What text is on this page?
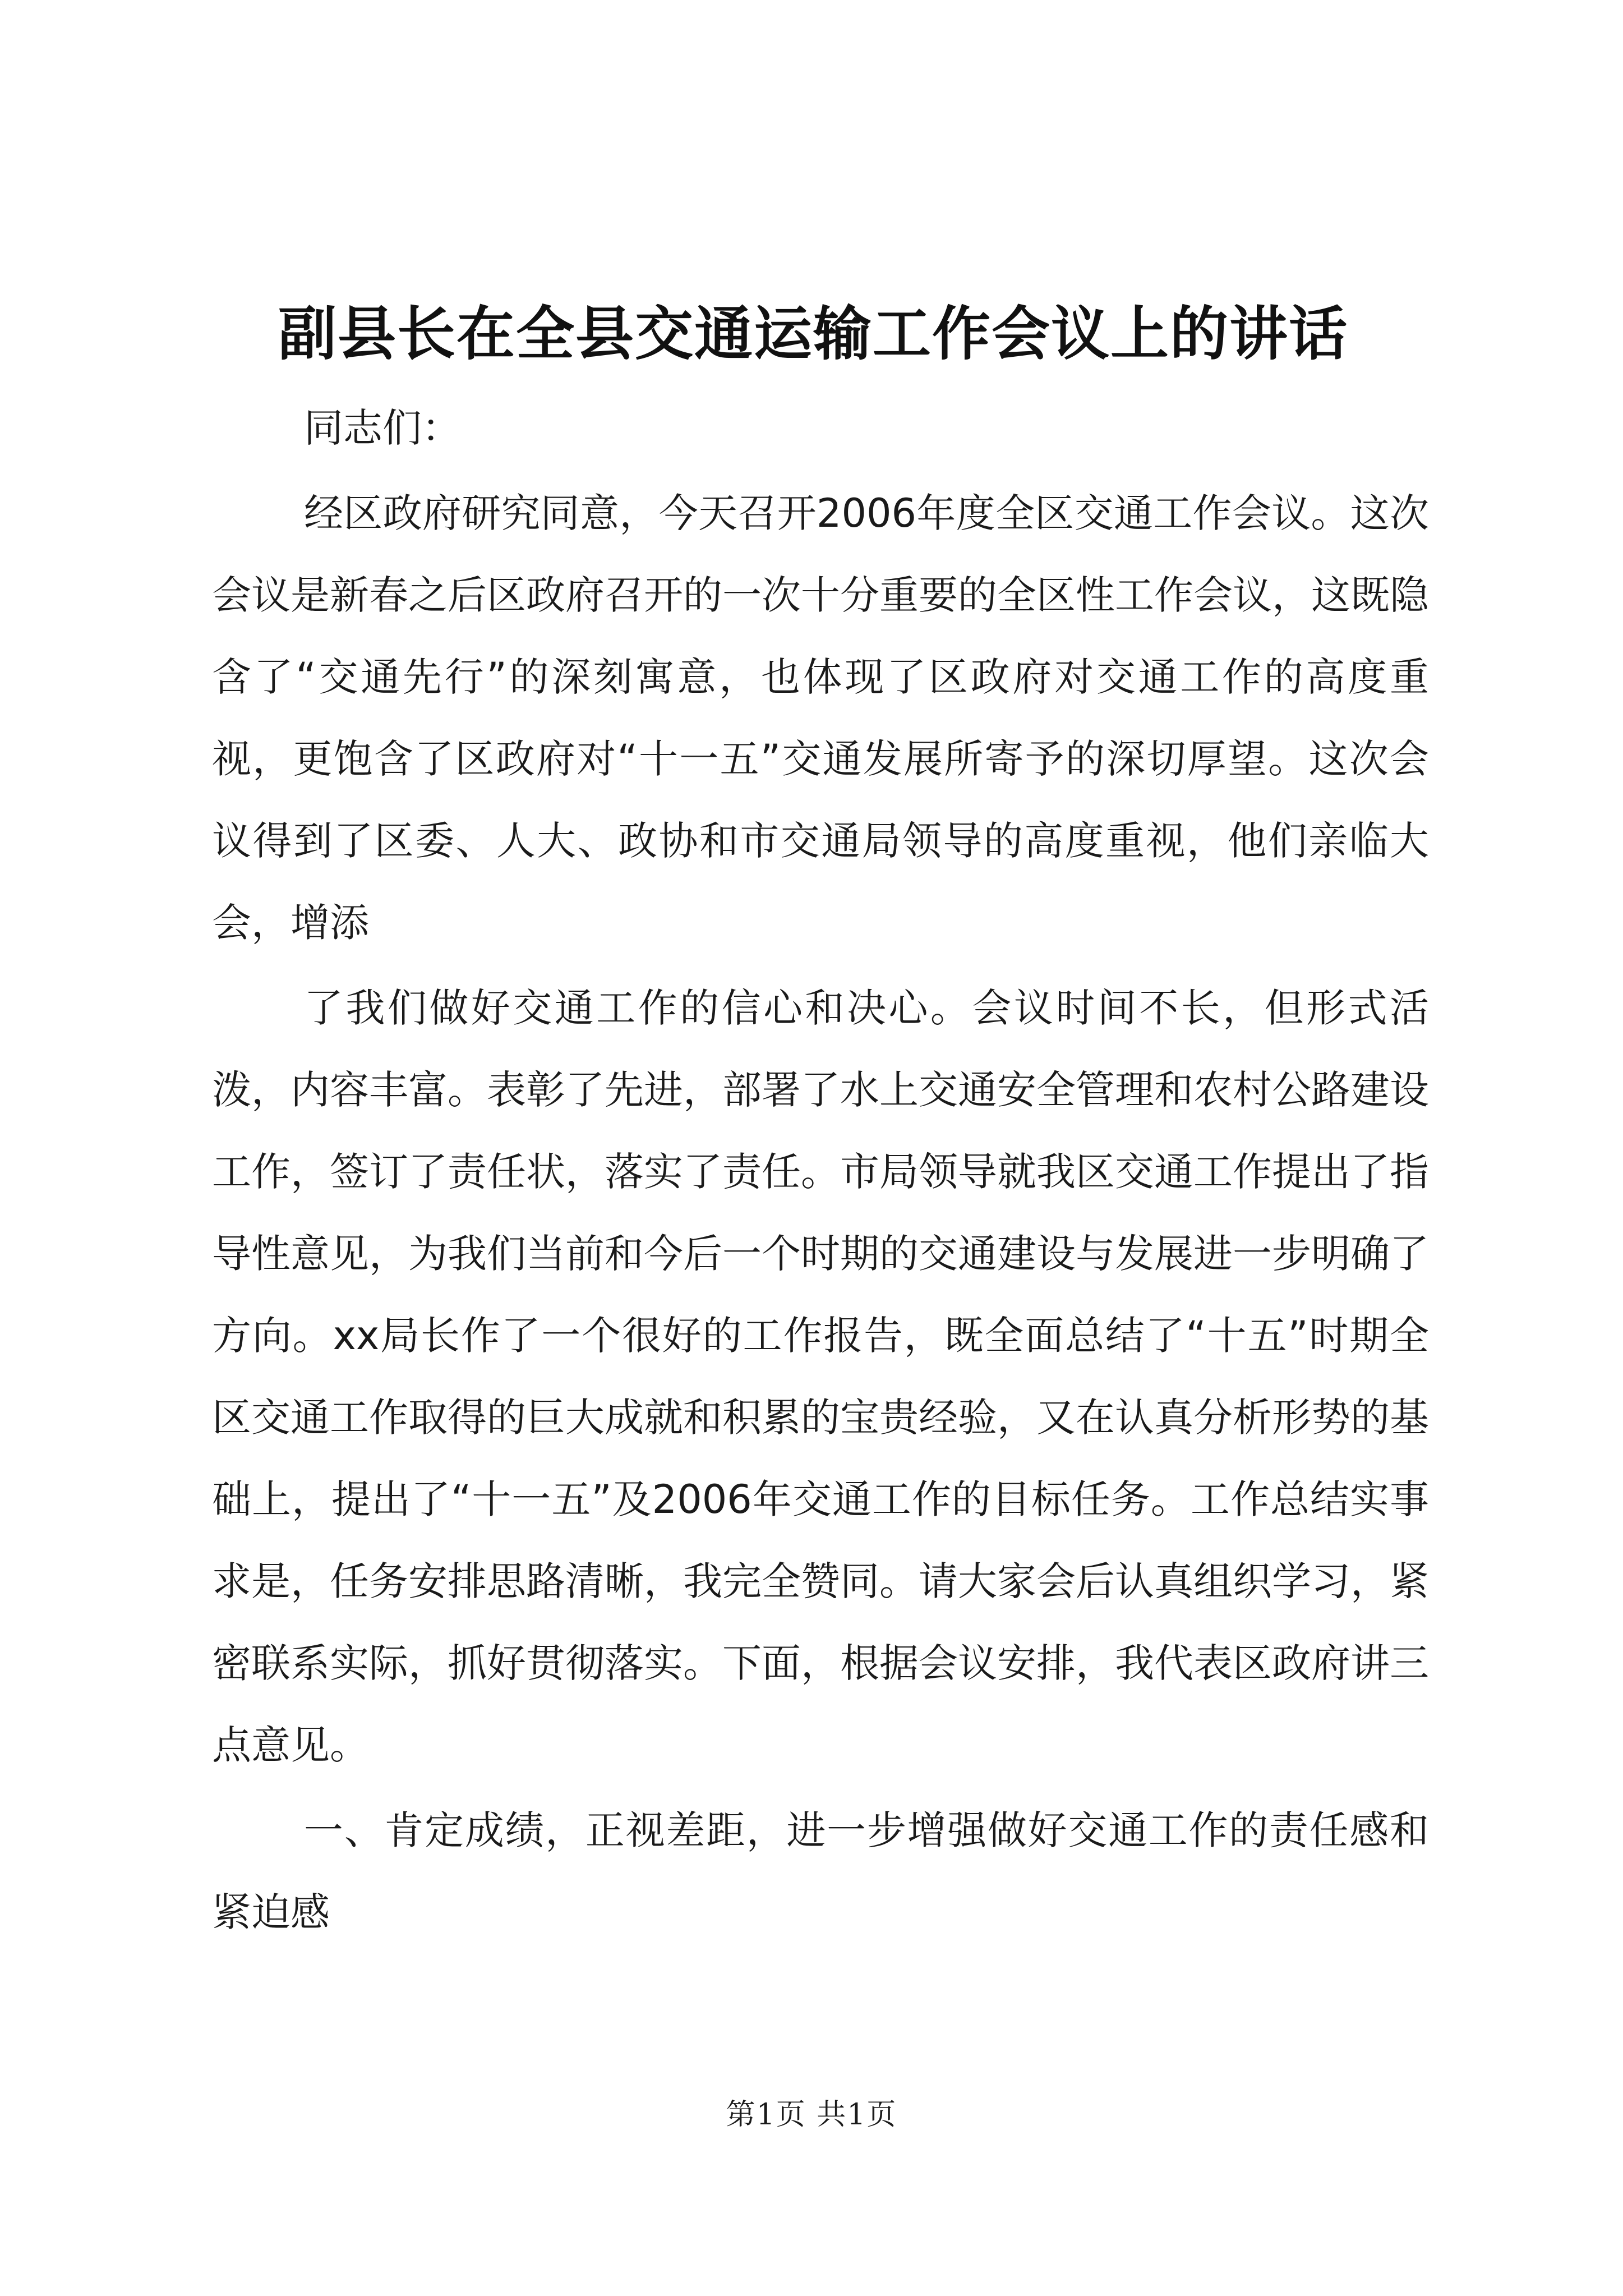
副县长在全县交通运输工作会议上的讲话

同志们：

经区政府研究同意，今天召开2006年度全区交通工作会议。这次会议是新春之后区政府召开的一次十分重要的全区性工作会议，这既隐含了“交通先行”的深刻寓意，也体现了区政府对交通工作的高度重视，更饱含了区政府对“十一五”交通发展所寄予的深切厚望。这次会议得到了区委、人大、政协和市交通局领导的高度重视，他们亲临大会，增添

了我们做好交通工作的信心和决心。会议时间不长，但形式活泼，内容丰富。表彰了先进，部署了水上交通安全管理和农村公路建设工作，签订了责任状，落实了责任。市局领导就我区交通工作提出了指导性意见，为我们当前和今后一个时期的交通建设与发展进一步明确了方向。xx局长作了一个很好的工作报告，既全面总结了“十五”时期全区交通工作取得的巨大成就和积累的宝贵经验，又在认真分析形势的基础上，提出了“十一五”及2006年交通工作的目标任务。工作总结实事求是，任务安排思路清晰，我完全赞同。请大家会后认真组织学习，紧密联系实际，抓好贯彻落实。下面，根据会议安排，我代表区政府讲三点意见。

一、肯定成绩，正视差距，进一步增强做好交通工作的责任感和紧迫感

第1页 共1页
